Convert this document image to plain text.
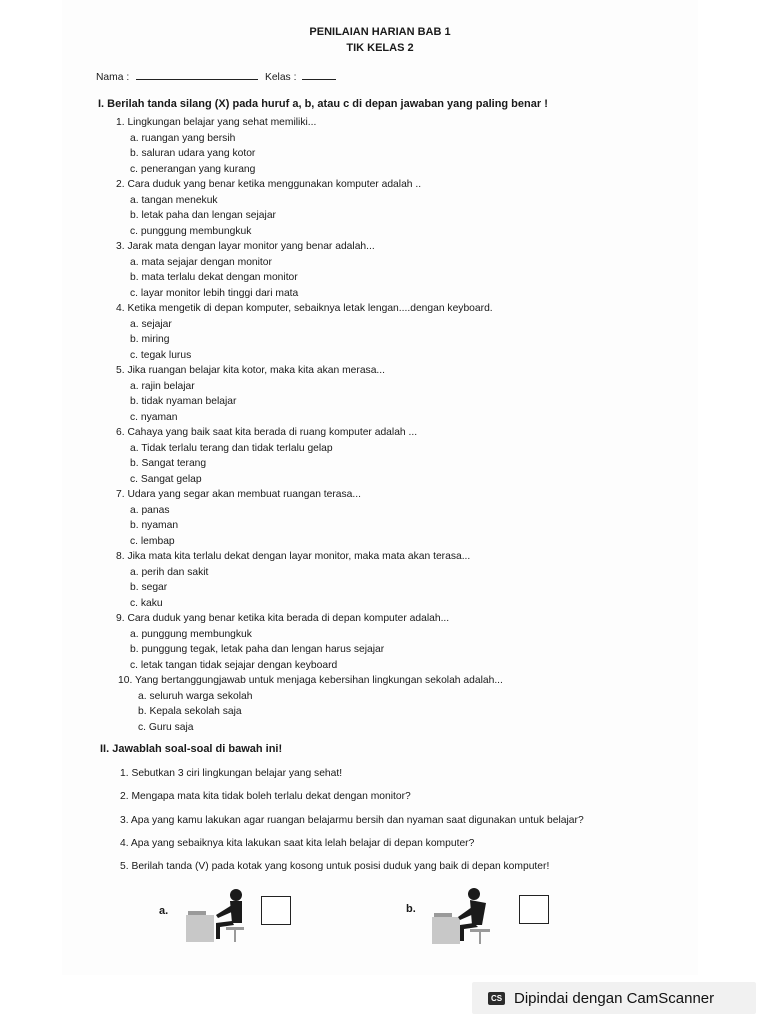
PENILAIAN HARIAN BAB 1
TIK KELAS 2
Nama :	Kelas :
I. Berilah tanda silang (X) pada huruf a, b, atau c di depan jawaban yang paling benar !
1. Lingkungan belajar yang sehat memiliki...
a. ruangan yang bersih
b. saluran udara yang kotor
c. penerangan yang kurang
2. Cara duduk yang benar ketika menggunakan komputer adalah ..
a. tangan menekuk
b. letak paha dan lengan sejajar
c. punggung membungkuk
3. Jarak mata dengan layar monitor yang benar adalah...
a. mata sejajar dengan monitor
b. mata terlalu dekat dengan monitor
c. layar monitor lebih tinggi dari mata
4. Ketika mengetik di depan komputer, sebaiknya letak lengan....dengan keyboard.
a. sejajar
b. miring
c. tegak lurus
5. Jika ruangan belajar kita kotor, maka kita akan merasa...
a. rajin belajar
b. tidak nyaman belajar
c. nyaman
6. Cahaya yang baik saat kita berada di ruang komputer adalah ...
a. Tidak terlalu terang dan tidak terlalu gelap
b. Sangat terang
c. Sangat gelap
7. Udara yang segar akan membuat ruangan terasa...
a. panas
b. nyaman
c. lembap
8. Jika mata kita terlalu dekat dengan layar monitor, maka mata akan terasa...
a. perih dan sakit
b. segar
c. kaku
9. Cara duduk yang benar ketika kita berada di depan komputer adalah...
a. punggung membungkuk
b. punggung tegak, letak paha dan lengan harus sejajar
c. letak tangan tidak sejajar dengan keyboard
10. Yang bertanggungjawab untuk menjaga kebersihan lingkungan sekolah adalah...
a. seluruh warga sekolah
b. Kepala sekolah saja
c. Guru saja
II. Jawablah soal-soal di bawah ini!
1. Sebutkan 3 ciri lingkungan belajar yang sehat!
2. Mengapa mata kita tidak boleh terlalu dekat dengan monitor?
3. Apa yang kamu lakukan agar ruangan belajarmu bersih dan nyaman saat digunakan untuk belajar?
4. Apa yang sebaiknya kita lakukan saat kita lelah belajar di depan komputer?
5. Berilah tanda (V) pada kotak yang kosong untuk posisi duduk yang baik di depan komputer!
a.	b.
CS Dipindai dengan CamScanner
